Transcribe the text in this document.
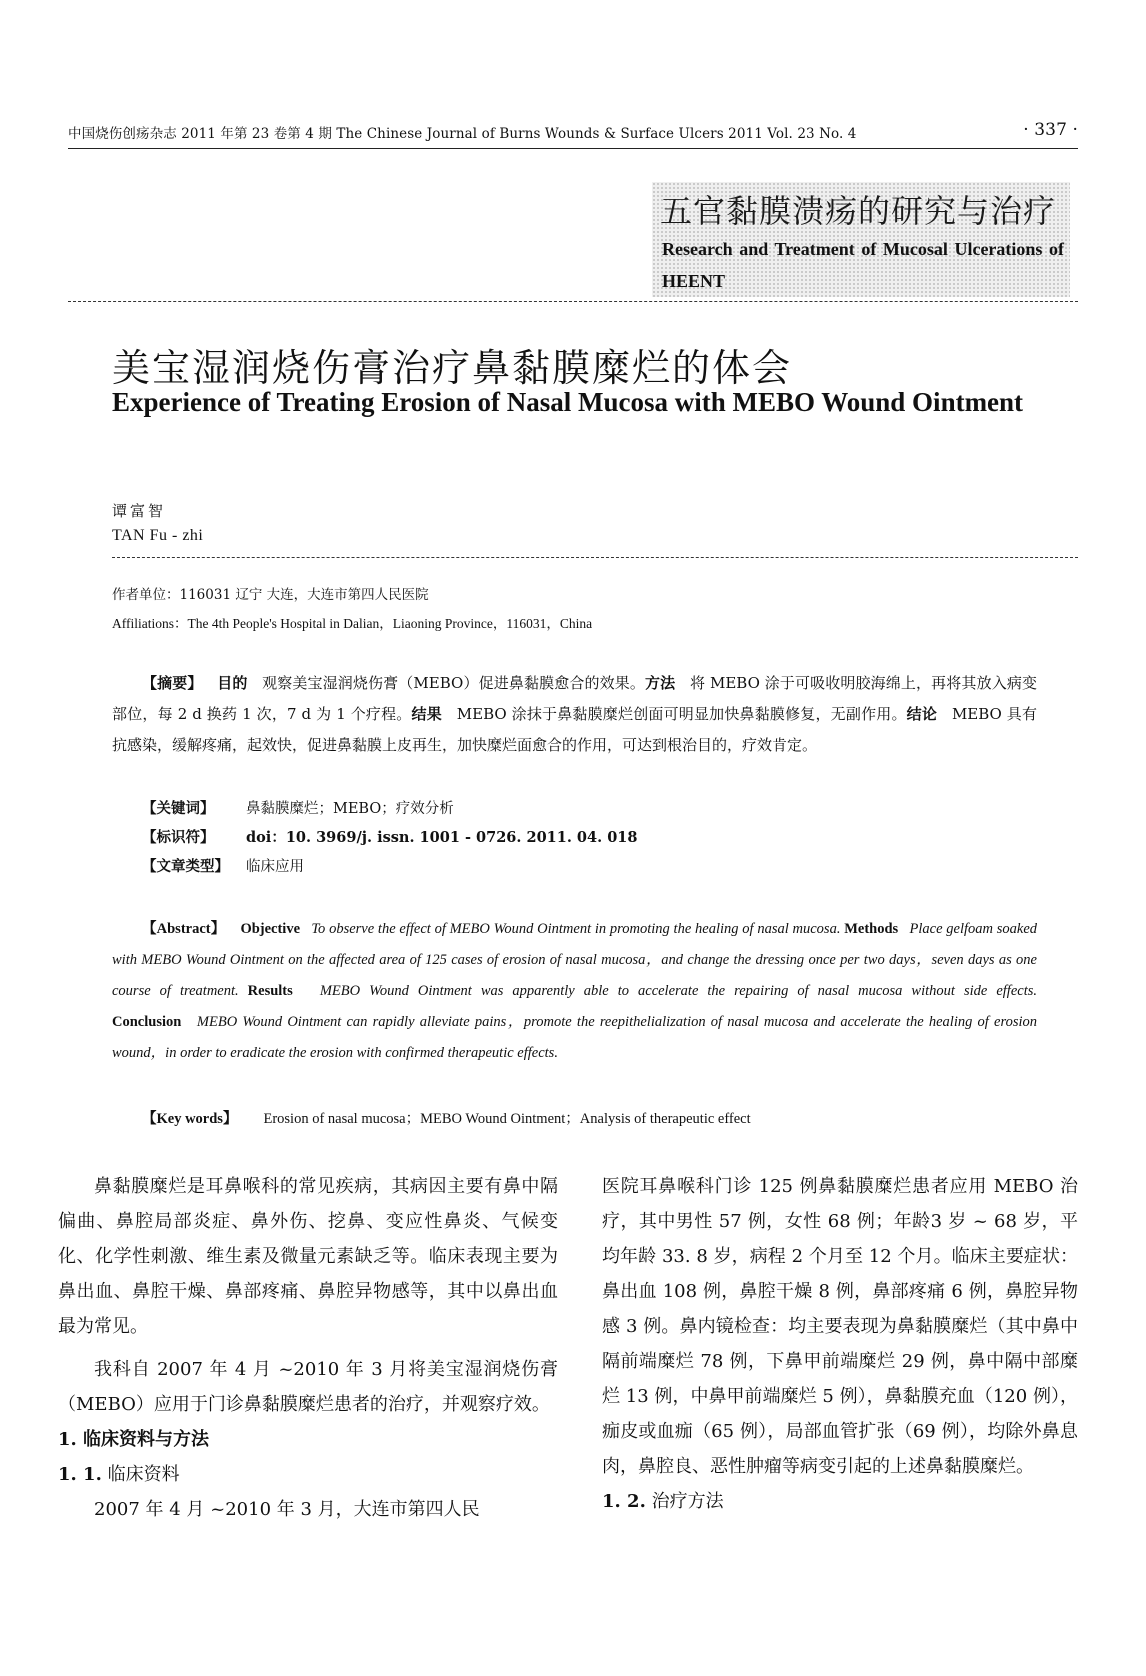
中国烧伤创疡杂志 2011 年第 23 卷第 4 期 The Chinese Journal of Burns Wounds & Surface Ulcers 2011 Vol. 23 No. 4	· 337 ·
五官黏膜溃疡的研究与治疗
Research and Treatment of Mucosal Ulcerations of HEENT
美宝湿润烧伤膏治疗鼻黏膜糜烂的体会
Experience of Treating Erosion of Nasal Mucosa with MEBO Wound Ointment
谭富智
TAN Fu - zhi
作者单位：116031 辽宁 大连，大连市第四人民医院
Affiliations：The 4th People's Hospital in Dalian，Liaoning Province，116031，China
【摘要】 目的 观察美宝湿润烧伤膏（MEBO）促进鼻黏膜愈合的效果。方法 将 MEBO 涂于可吸收明胶海绵上，再将其放入病变部位，每 2 d 换药 1 次，7 d 为 1 个疗程。结果 MEBO 涂抹于鼻黏膜糜烂创面可明显加快鼻黏膜修复，无副作用。结论 MEBO 具有抗感染，缓解疼痛，起效快，促进鼻黏膜上皮再生，加快糜烂面愈合的作用，可达到根治目的，疗效肯定。
【关键词】 鼻黏膜糜烂；MEBO；疗效分析
【标识符】 doi：10. 3969/j. issn. 1001 - 0726. 2011. 04. 018
【文章类型】 临床应用
【Abstract】 Objective To observe the effect of MEBO Wound Ointment in promoting the healing of nasal mucosa. Methods Place gelfoam soaked with MEBO Wound Ointment on the affected area of 125 cases of erosion of nasal mucosa，and change the dressing once per two days，seven days as one course of treatment. Results MEBO Wound Ointment was apparently able to accelerate the repairing of nasal mucosa without side effects. Conclusion MEBO Wound Ointment can rapidly alleviate pains，promote the reepithelialization of nasal mucosa and accelerate the healing of erosion wound，in order to eradicate the erosion with confirmed therapeutic effects.
【Key words】 Erosion of nasal mucosa；MEBO Wound Ointment；Analysis of therapeutic effect

鼻黏膜糜烂是耳鼻喉科的常见疾病，其病因主要有鼻中隔偏曲、鼻腔局部炎症、鼻外伤、挖鼻、变应性鼻炎、气候变化、化学性刺激、维生素及微量元素缺乏等。临床表现主要为鼻出血、鼻腔干燥、鼻部疼痛、鼻腔异物感等，其中以鼻出血最为常见。

我科自 2007 年 4 月 ~2010 年 3 月将美宝湿润烧伤膏（MEBO）应用于门诊鼻黏膜糜烂患者的治疗，并观察疗效。

1. 临床资料与方法

1. 1. 临床资料

2007 年 4 月 ~2010 年 3 月，大连市第四人民

医院耳鼻喉科门诊 125 例鼻黏膜糜烂患者应用 MEBO 治疗，其中男性 57 例，女性 68 例；年龄3 岁 ~ 68 岁，平均年龄 33. 8 岁，病程 2 个月至 12 个月。临床主要症状：鼻出血 108 例，鼻腔干燥 8 例，鼻部疼痛 6 例，鼻腔异物感 3 例。鼻内镜检查：均主要表现为鼻黏膜糜烂（其中鼻中隔前端糜烂 78 例，下鼻甲前端糜烂 29 例，鼻中隔中部糜烂 13 例，中鼻甲前端糜烂 5 例），鼻黏膜充血（120 例），痂皮或血痂（65 例），局部血管扩张（69 例），均除外鼻息肉，鼻腔良、恶性肿瘤等病变引起的上述鼻黏膜糜烂。

1. 2. 治疗方法
